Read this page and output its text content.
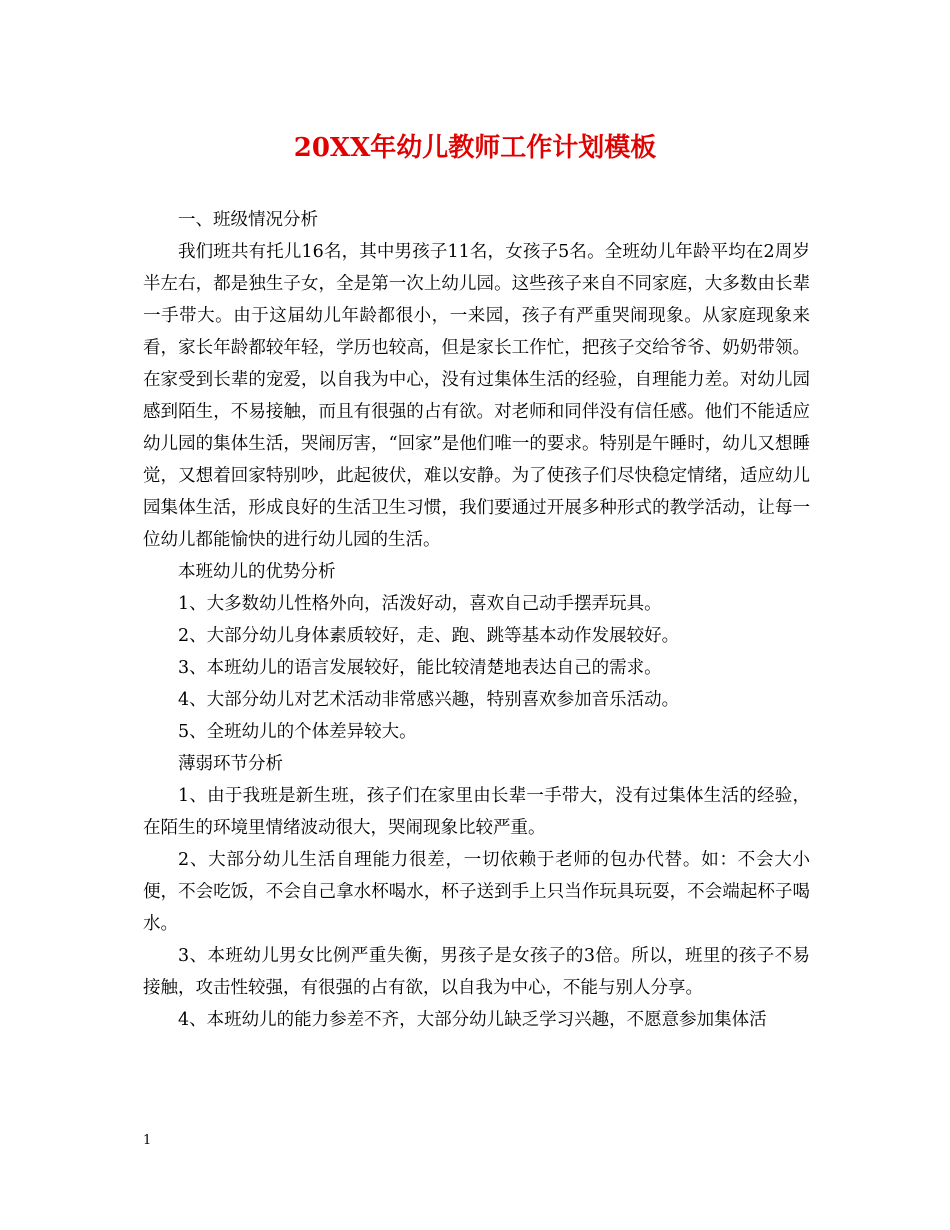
20XX年幼儿教师工作计划模板

一、班级情况分析

我们班共有托儿16名，其中男孩子11名，女孩子5名。全班幼儿年龄平均在2周岁半左右，都是独生子女，全是第一次上幼儿园。这些孩子来自不同家庭，大多数由长辈一手带大。由于这届幼儿年龄都很小，一来园，孩子有严重哭闹现象。从家庭现象来看，家长年龄都较年轻，学历也较高，但是家长工作忙，把孩子交给爷爷、奶奶带领。在家受到长辈的宠爱，以自我为中心，没有过集体生活的经验，自理能力差。对幼儿园感到陌生，不易接触，而且有很强的占有欲。对老师和同伴没有信任感。他们不能适应幼儿园的集体生活，哭闹厉害，“回家”是他们唯一的要求。特别是午睡时，幼儿又想睡觉，又想着回家特别吵，此起彼伏，难以安静。为了使孩子们尽快稳定情绪，适应幼儿园集体生活，形成良好的生活卫生习惯，我们要通过开展多种形式的教学活动，让每一位幼儿都能愉快的进行幼儿园的生活。

本班幼儿的优势分析

1、大多数幼儿性格外向，活泼好动，喜欢自己动手摆弄玩具。

2、大部分幼儿身体素质较好，走、跑、跳等基本动作发展较好。

3、本班幼儿的语言发展较好，能比较清楚地表达自己的需求。

4、大部分幼儿对艺术活动非常感兴趣，特别喜欢参加音乐活动。

5、全班幼儿的个体差异较大。

薄弱环节分析

1、由于我班是新生班，孩子们在家里由长辈一手带大，没有过集体生活的经验，在陌生的环境里情绪波动很大，哭闹现象比较严重。

2、大部分幼儿生活自理能力很差，一切依赖于老师的包办代替。如：不会大小便，不会吃饭，不会自己拿水杯喝水，杯子送到手上只当作玩具玩耍，不会端起杯子喝水。

3、本班幼儿男女比例严重失衡，男孩子是女孩子的3倍。所以，班里的孩子不易接触，攻击性较强，有很强的占有欲，以自我为中心，不能与别人分享。

4、本班幼儿的能力参差不齐，大部分幼儿缺乏学习兴趣，不愿意参加集体活

1
